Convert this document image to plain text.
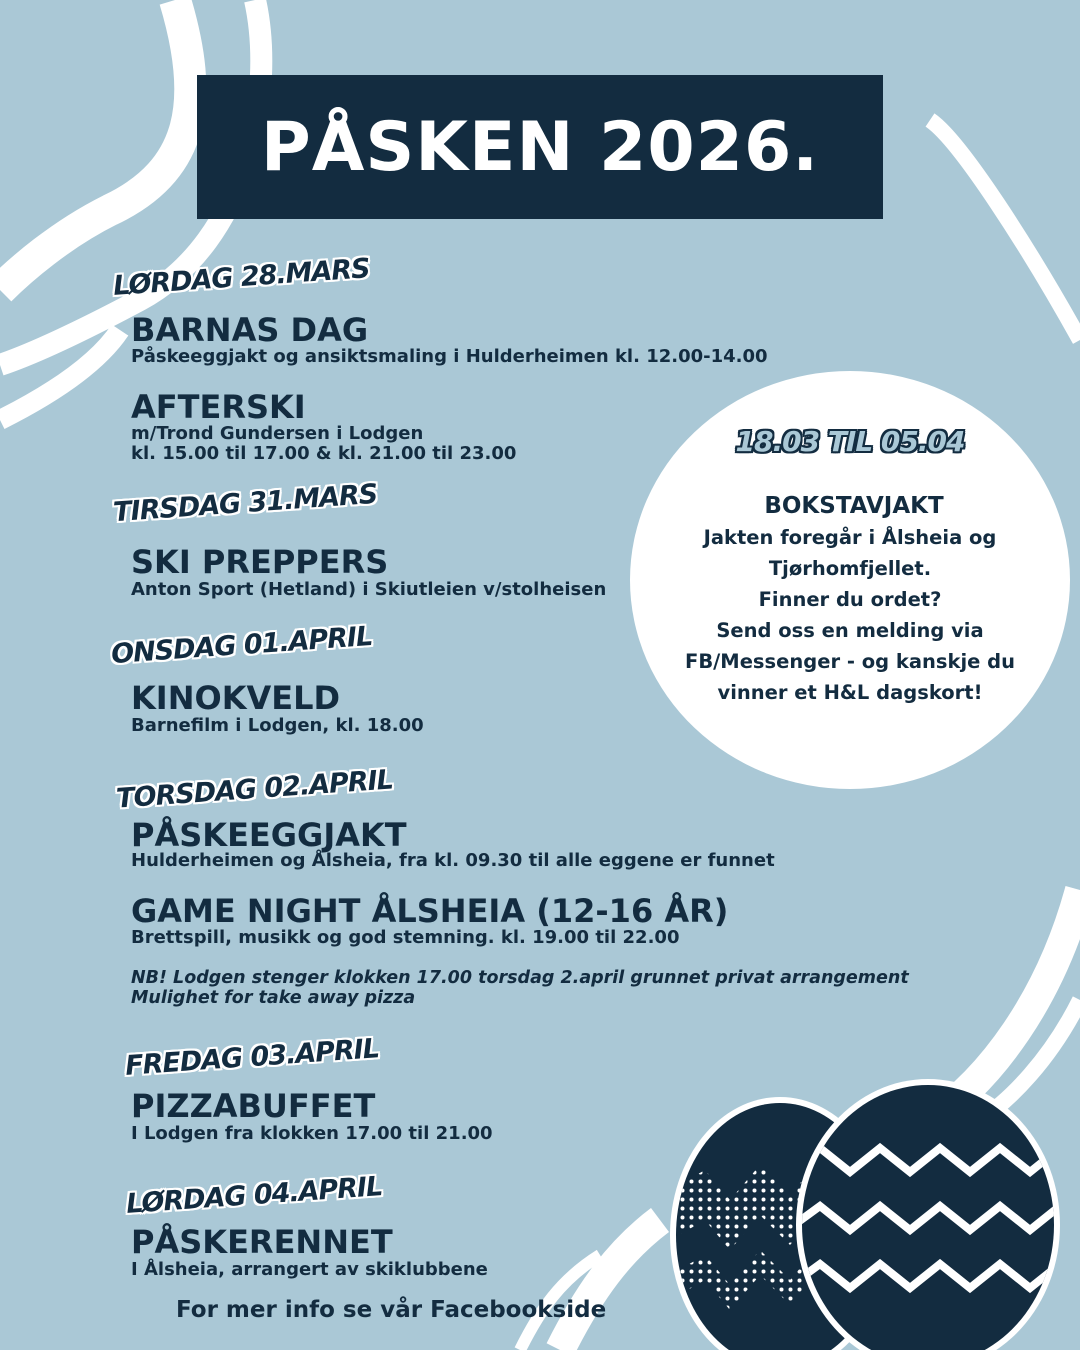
PÅSKEN 2026.

LØRDAG 28.MARS

BARNAS DAG

Påskeeggjakt og ansiktsmaling i Hulderheimen kl. 12.00-14.00

AFTERSKI

m/Trond Gundersen i Lodgen

kl. 15.00 til 17.00 & kl. 21.00 til 23.00

TIRSDAG 31.MARS

SKI PREPPERS

Anton Sport (Hetland) i Skiutleien v/stolheisen

ONSDAG 01.APRIL

KINOKVELD

Barnefilm i Lodgen, kl. 18.00

TORSDAG 02.APRIL

PÅSKEEGGJAKT

Hulderheimen og Ålsheia, fra kl. 09.30 til alle eggene er funnet

GAME NIGHT ÅLSHEIA (12-16 ÅR)

Brettspill, musikk og god stemning. kl. 19.00 til 22.00

NB! Lodgen stenger klokken 17.00 torsdag 2.april grunnet privat arrangement

Mulighet for take away pizza

FREDAG 03.APRIL

PIZZABUFFET

I Lodgen fra klokken 17.00 til 21.00

LØRDAG 04.APRIL

PÅSKERENNET

I Ålsheia, arrangert av skiklubbene

18.03 TIL 05.04

BOKSTAVJAKT

Jakten foregår i Ålsheia og

Tjørhomfjellet.

Finner du ordet?

Send oss en melding via

FB/Messenger - og kanskje du

vinner et H&L dagskort!

For mer info se vår Facebookside
